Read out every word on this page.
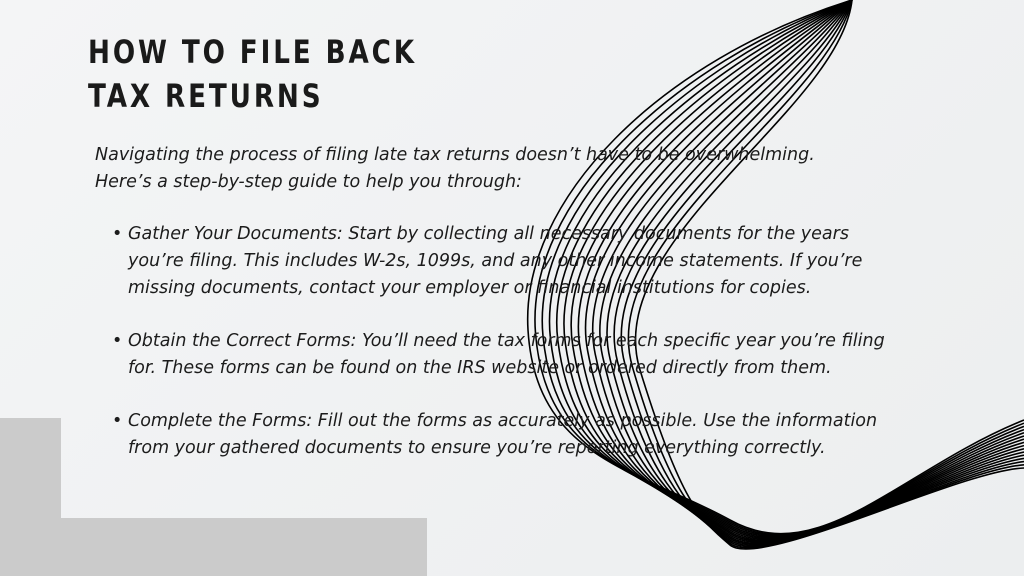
HOW TO FILE BACK TAX RETURNS

Navigating the process of filing late tax returns doesn’t have to be overwhelming. Here’s a step-by-step guide to help you through:

• Gather Your Documents: Start by collecting all necessary documents for the years you’re filing. This includes W-2s, 1099s, and any other income statements. If you’re missing documents, contact your employer or financial institutions for copies.
• Obtain the Correct Forms: You’ll need the tax forms for each specific year you’re filing for. These forms can be found on the IRS website or ordered directly from them.
• Complete the Forms: Fill out the forms as accurately as possible. Use the information from your gathered documents to ensure you’re reporting everything correctly.
